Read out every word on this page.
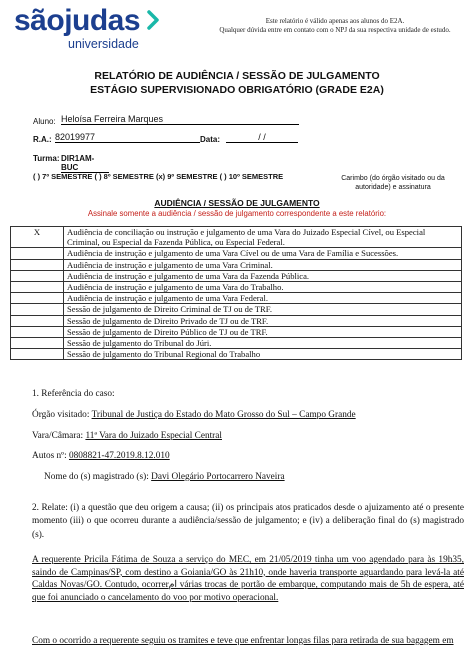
sãojudas
universidade
Este relatório é válido apenas aos alunos do E2A.
Qualquer dúvida entre em contato com o NPJ da sua respectiva unidade de estudo.
RELATÓRIO DE AUDIÊNCIA / SESSÃO DE JULGAMENTO
ESTÁGIO SUPERVISIONADO OBRIGATÓRIO (GRADE E2A)
Aluno: Heloísa Ferreira Marques
R.A.: 82019977	Data:	/ /
Turma: DIR1AM-BUC
( ) 7º SEMESTRE ( ) 8º SEMESTRE (x) 9º SEMESTRE ( ) 10º SEMESTRE	Carimbo (do órgão visitado ou da
autoridade) e assinatura
AUDIÊNCIA / SESSÃO DE JULGAMENTO
Assinale somente a audiência / sessão de julgamento correspondente a este relatório:
X	Audiência de conciliação ou instrução e julgamento de uma Vara do Juizado Especial Cível, ou Especial Criminal, ou Especial da Fazenda Pública, ou Especial Federal.
	Audiência de instrução e julgamento de uma Vara Cível ou de uma Vara de Família e Sucessões.
	Audiência de instrução e julgamento de uma Vara Criminal.
	Audiência de instrução e julgamento de uma Vara da Fazenda Pública.
	Audiência de instrução e julgamento de uma Vara do Trabalho.
	Audiência de instrução e julgamento de uma Vara Federal.
	Sessão de julgamento de Direito Criminal de TJ ou de TRF.
	Sessão de julgamento de Direito Privado de TJ ou de TRF.
	Sessão de julgamento de Direito Público de TJ ou de TRF.
	Sessão de julgamento do Tribunal do Júri.
	Sessão de julgamento do Tribunal Regional do Trabalho
1. Referência do caso:
Órgão visitado: Tribunal de Justiça do Estado do Mato Grosso do Sul – Campo Grande
Vara/Câmara: 11ª Vara do Juizado Especial Central
Autos nº: 0808821-47.2019.8.12.010
Nome do (s) magistrado (s): Davi Olegário Portocarrero Naveira
2. Relate: (i) a questão que deu origem a causa; (ii) os principais atos praticados desde o ajuizamento até o presente momento (iii) o que ocorreu durante a audiência/sessão de julgamento; e (iv) a deliberação final do (s) magistrado (s).
A requerente Pricila Fátima de Souza a serviço do MEC, em 21/05/2019 tinha um voo agendado para às 19h35, saindo de Campinas/SP, com destino a Goiania/GO às 21h10, onde haveria transporte aguardando para levá-la até Caldas Novas/GO. Contudo, ocorrerام várias trocas de portão de embarque, computando mais de 5h de espera, até que foi anunciado o cancelamento do voo por motivo operacional.
Com o ocorrido a requerente seguiu os tramites e teve que enfrentar longas filas para retirada de sua bagagem em
